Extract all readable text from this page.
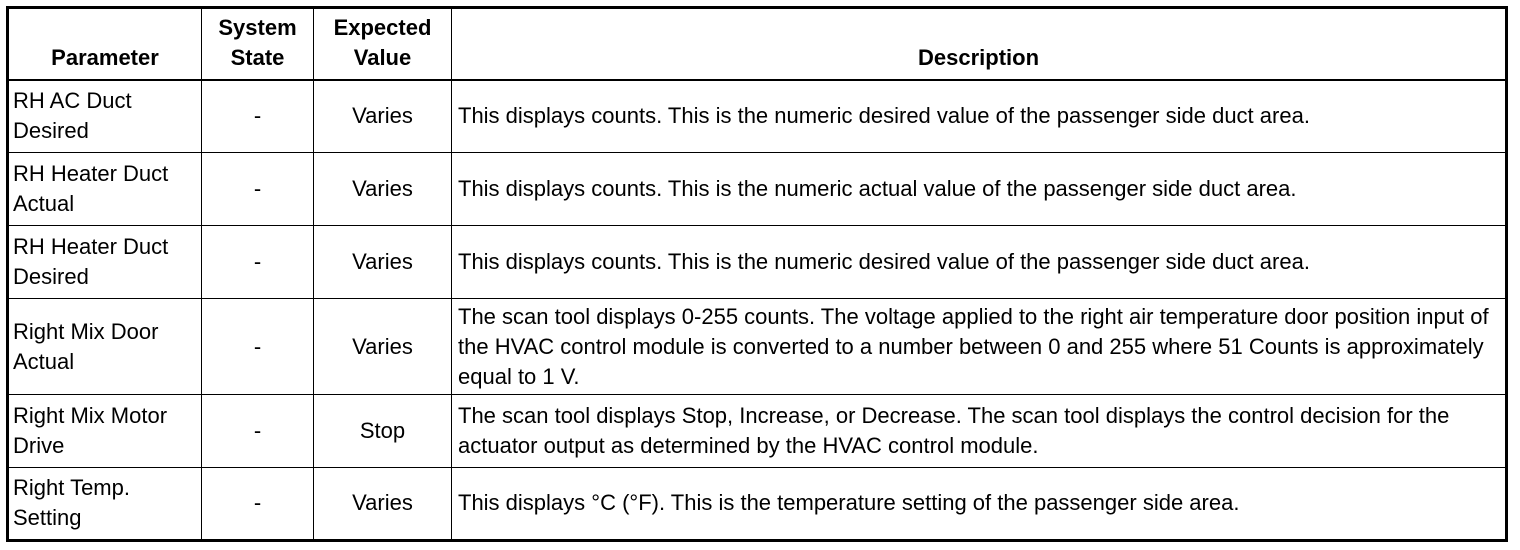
Parameter	System State	Expected Value	Description
RH AC Duct Desired	-	Varies	This displays counts. This is the numeric desired value of the passenger side duct area.
RH Heater Duct Actual	-	Varies	This displays counts. This is the numeric actual value of the passenger side duct area.
RH Heater Duct Desired	-	Varies	This displays counts. This is the numeric desired value of the passenger side duct area.
Right Mix Door Actual	-	Varies	The scan tool displays 0-255 counts. The voltage applied to the right air temperature door position input of the HVAC control module is converted to a number between 0 and 255 where 51 Counts is approximately equal to 1 V.
Right Mix Motor Drive	-	Stop	The scan tool displays Stop, Increase, or Decrease. The scan tool displays the control decision for the actuator output as determined by the HVAC control module.
Right Temp. Setting	-	Varies	This displays °C (°F). This is the temperature setting of the passenger side area.
